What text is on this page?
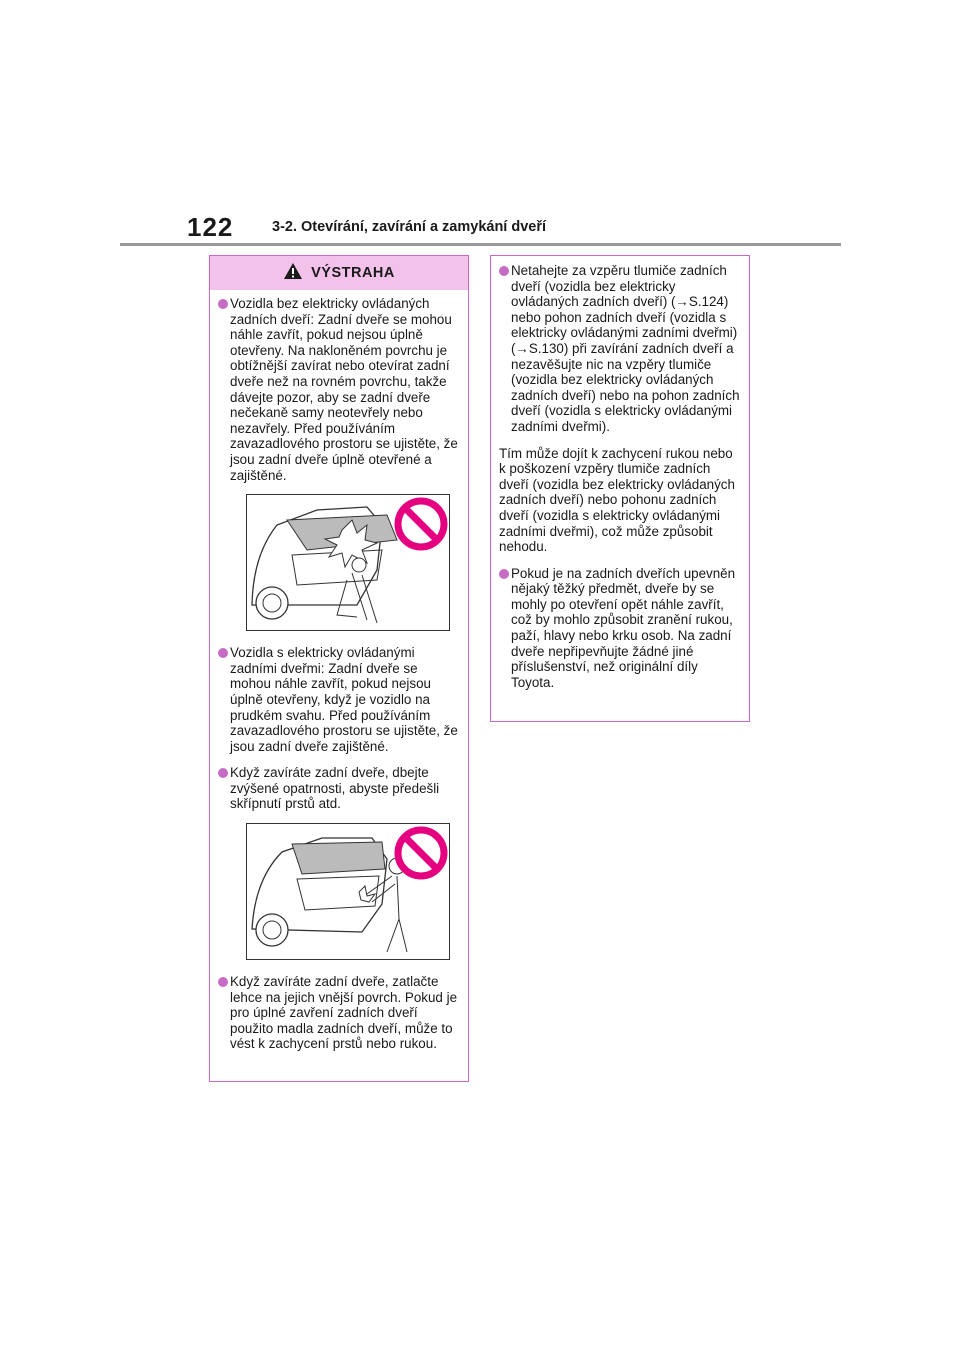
122	3-2. Otevírání, zavírání a zamykání dveří
VÝSTRAHA
Vozidla bez elektricky ovládaných zadních dveří: Zadní dveře se mohou náhle zavřít, pokud nejsou úplně otevřeny. Na nakloněném povrchu je obtížnější zavírat nebo otevírat zadní dveře než na rovném povrchu, takže dávejte pozor, aby se zadní dveře nečekaně samy neotevřely nebo nezavřely. Před používáním zavazadlového prostoru se ujistěte, že jsou zadní dveře úplně otevřené a zajištěné.
Vozidla s elektricky ovládanými zadními dveřmi: Zadní dveře se mohou náhle zavřít, pokud nejsou úplně otevřeny, když je vozidlo na prudkém svahu. Před používáním zavazadlového prostoru se ujistěte, že jsou zadní dveře zajištěné.
Když zavíráte zadní dveře, dbejte zvýšené opatrnosti, abyste předešli skřípnutí prstů atd.
Když zavíráte zadní dveře, zatlačte lehce na jejich vnější povrch. Pokud je pro úplné zavření zadních dveří použito madla zadních dveří, může to vést k zachycení prstů nebo rukou.
Netahejte za vzpěru tlumiče zadních dveří (vozidla bez elektricky ovládaných zadních dveří) (→S.124) nebo pohon zadních dveří (vozidla s elektricky ovládanými zadními dveřmi) (→S.130) při zavírání zadních dveří a nezavěšujte nic na vzpěry tlumiče (vozidla bez elektricky ovládaných zadních dveří) nebo na pohon zadních dveří (vozidla s elektricky ovládanými zadními dveřmi).
Tím může dojít k zachycení rukou nebo k poškození vzpěry tlumiče zadních dveří (vozidla bez elektricky ovládaných zadních dveří) nebo pohonu zadních dveří (vozidla s elektricky ovládanými zadními dveřmi), což může způsobit nehodu.
Pokud je na zadních dveřích upevněn nějaký těžký předmět, dveře by se mohly po otevření opět náhle zavřít, což by mohlo způsobit zranění rukou, paží, hlavy nebo krku osob. Na zadní dveře nepřipevňujte žádné jiné příslušenství, než originální díly Toyota.
